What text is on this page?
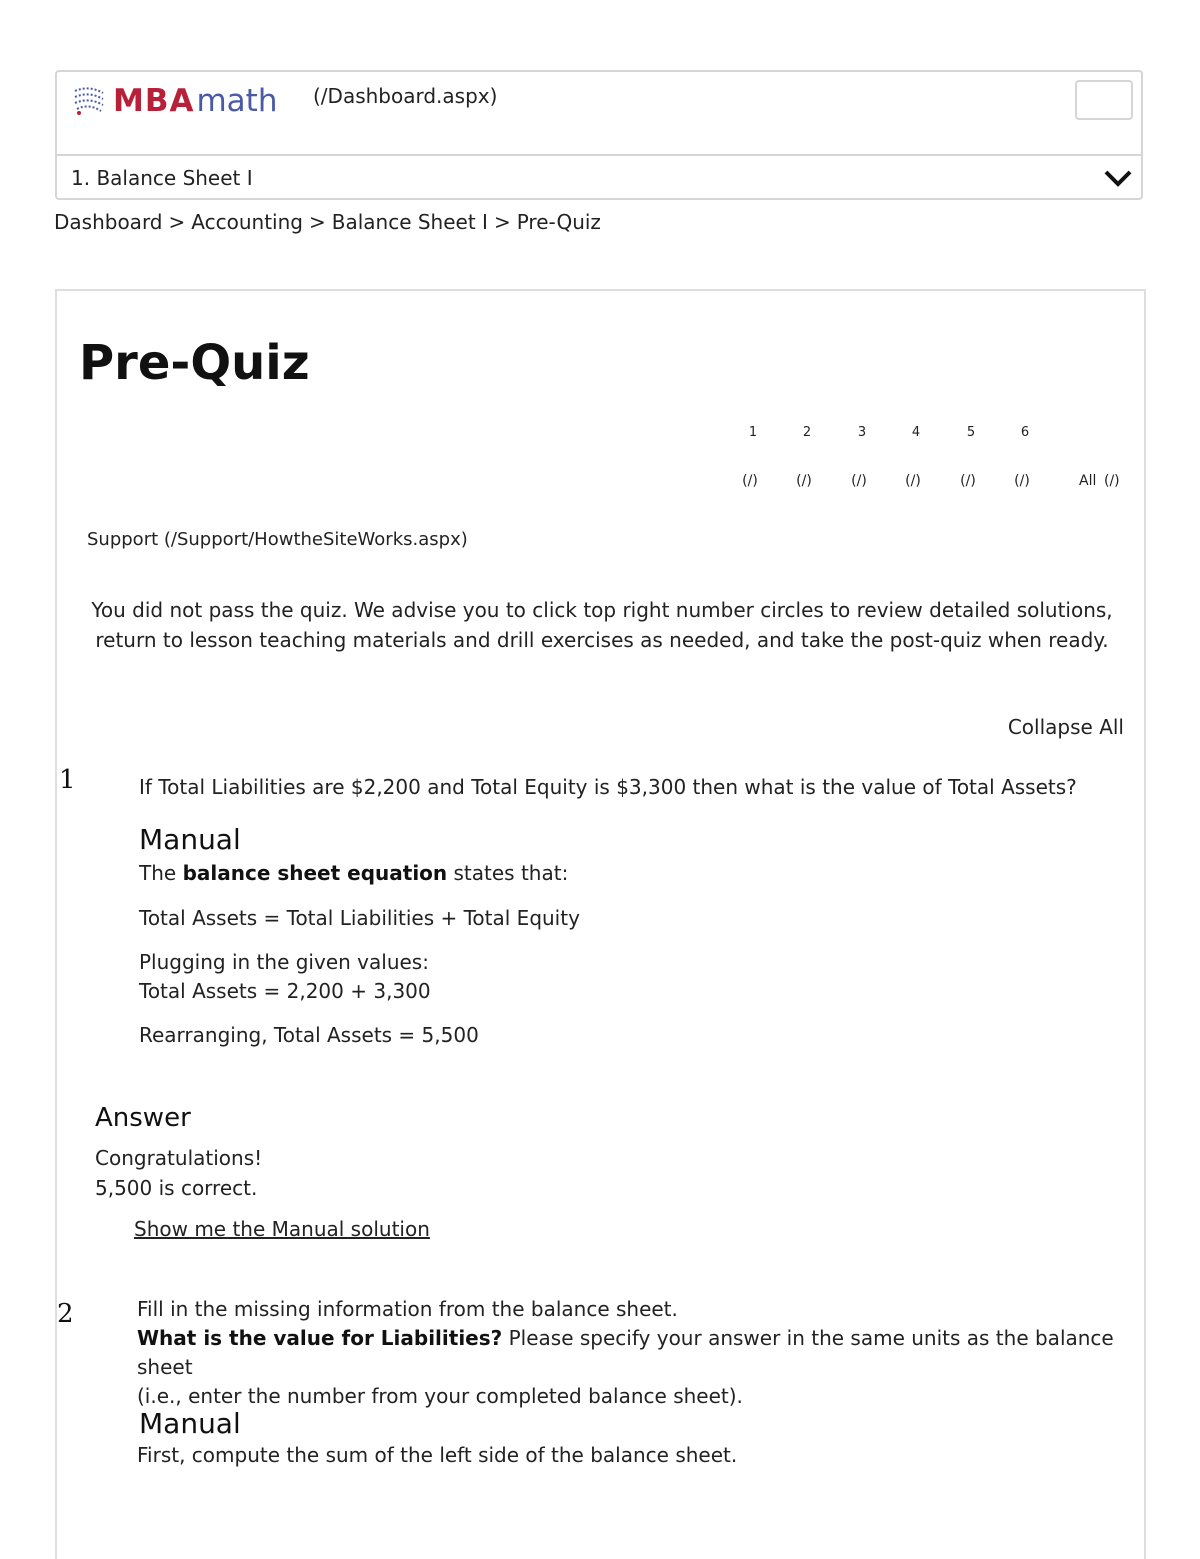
MBA math (/Dashboard.aspx)
1. Balance Sheet I
Dashboard > Accounting > Balance Sheet I > Pre-Quiz
Pre-Quiz
1	2	3	4	5	6
(/)	(/)	(/)	(/)	(/)	(/)	All (/)
Support (/Support/HowtheSiteWorks.aspx)
You did not pass the quiz. We advise you to click top right number circles to review detailed solutions,
return to lesson teaching materials and drill exercises as needed, and take the post-quiz when ready.
Collapse All
1	If Total Liabilities are $2,200 and Total Equity is $3,300 then what is the value of Total Assets?
Manual
The balance sheet equation states that:
Total Assets = Total Liabilities + Total Equity
Plugging in the given values:
Total Assets = 2,200 + 3,300
Rearranging, Total Assets = 5,500
Answer
Congratulations!
5,500 is correct.
Show me the Manual solution
2	Fill in the missing information from the balance sheet.
What is the value for Liabilities? Please specify your answer in the same units as the balance sheet
(i.e., enter the number from your completed balance sheet).
Manual
First, compute the sum of the left side of the balance sheet.
